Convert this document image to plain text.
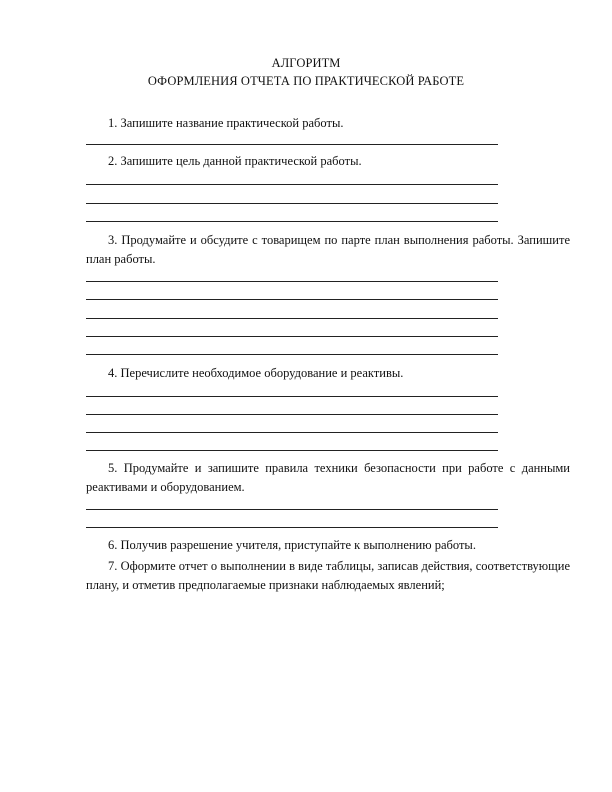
АЛГОРИТМ
ОФОРМЛЕНИЯ ОТЧЕТА ПО ПРАКТИЧЕСКОЙ РАБОТЕ
1. Запишите название практической работы.
2. Запишите цель данной практической работы.
3. Продумайте и обсудите с товарищем по парте план выполнения работы. Запишите план работы.
4. Перечислите необходимое оборудование и реактивы.
5. Продумайте и запишите правила техники безопасности при работе с данными реактивами и оборудованием.
6. Получив разрешение учителя, приступайте к выполнению работы.
7. Оформите отчет о выполнении в виде таблицы, записав действия, соответствующие плану, и отметив предполагаемые признаки наблюдаемых явлений;
